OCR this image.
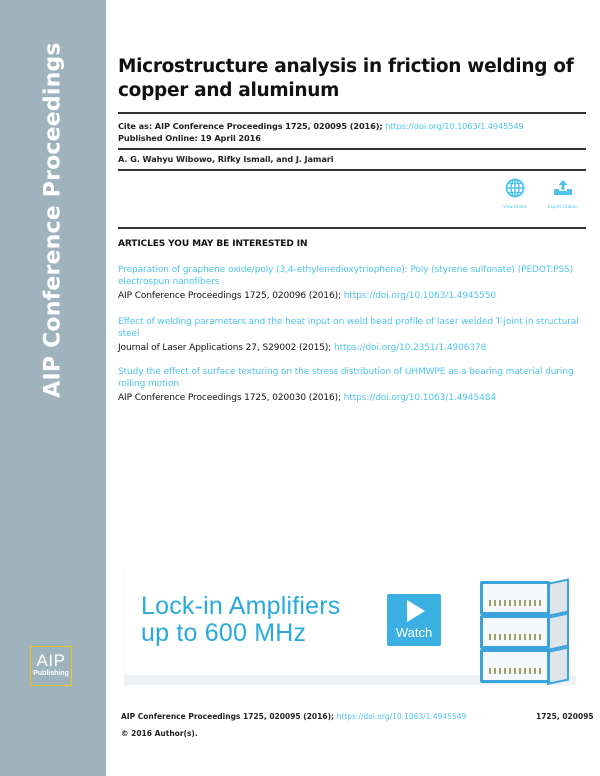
AIP Conference Proceedings
AIP
Publishing
Microstructure analysis in friction welding of copper and aluminum
Cite as: AIP Conference Proceedings 1725, 020095 (2016); https://doi.org/10.1063/1.4945549
Published Online: 19 April 2016
A. G. Wahyu Wibowo, Rifky Ismail, and J. Jamari
View Online	Export Citation
ARTICLES YOU MAY BE INTERESTED IN
Preparation of graphene oxide/poly (3,4-ethylenedioxytriophene): Poly (styrene sulfonate) (PEDOT:PSS) electrospun nanofibers
AIP Conference Proceedings 1725, 020096 (2016); https://doi.org/10.1063/1.4945550
Effect of welding parameters and the heat input on weld bead profile of laser welded T-joint in structural steel
Journal of Laser Applications 27, S29002 (2015); https://doi.org/10.2351/1.4906378
Study the effect of surface texturing on the stress distribution of UHMWPE as a bearing material during rolling motion
AIP Conference Proceedings 1725, 020030 (2016); https://doi.org/10.1063/1.4945484
Lock-in Amplifiers
up to 600 MHz	Watch
AIP Conference Proceedings 1725, 020095 (2016); https://doi.org/10.1063/1.4945549	1725, 020095
© 2016 Author(s).
